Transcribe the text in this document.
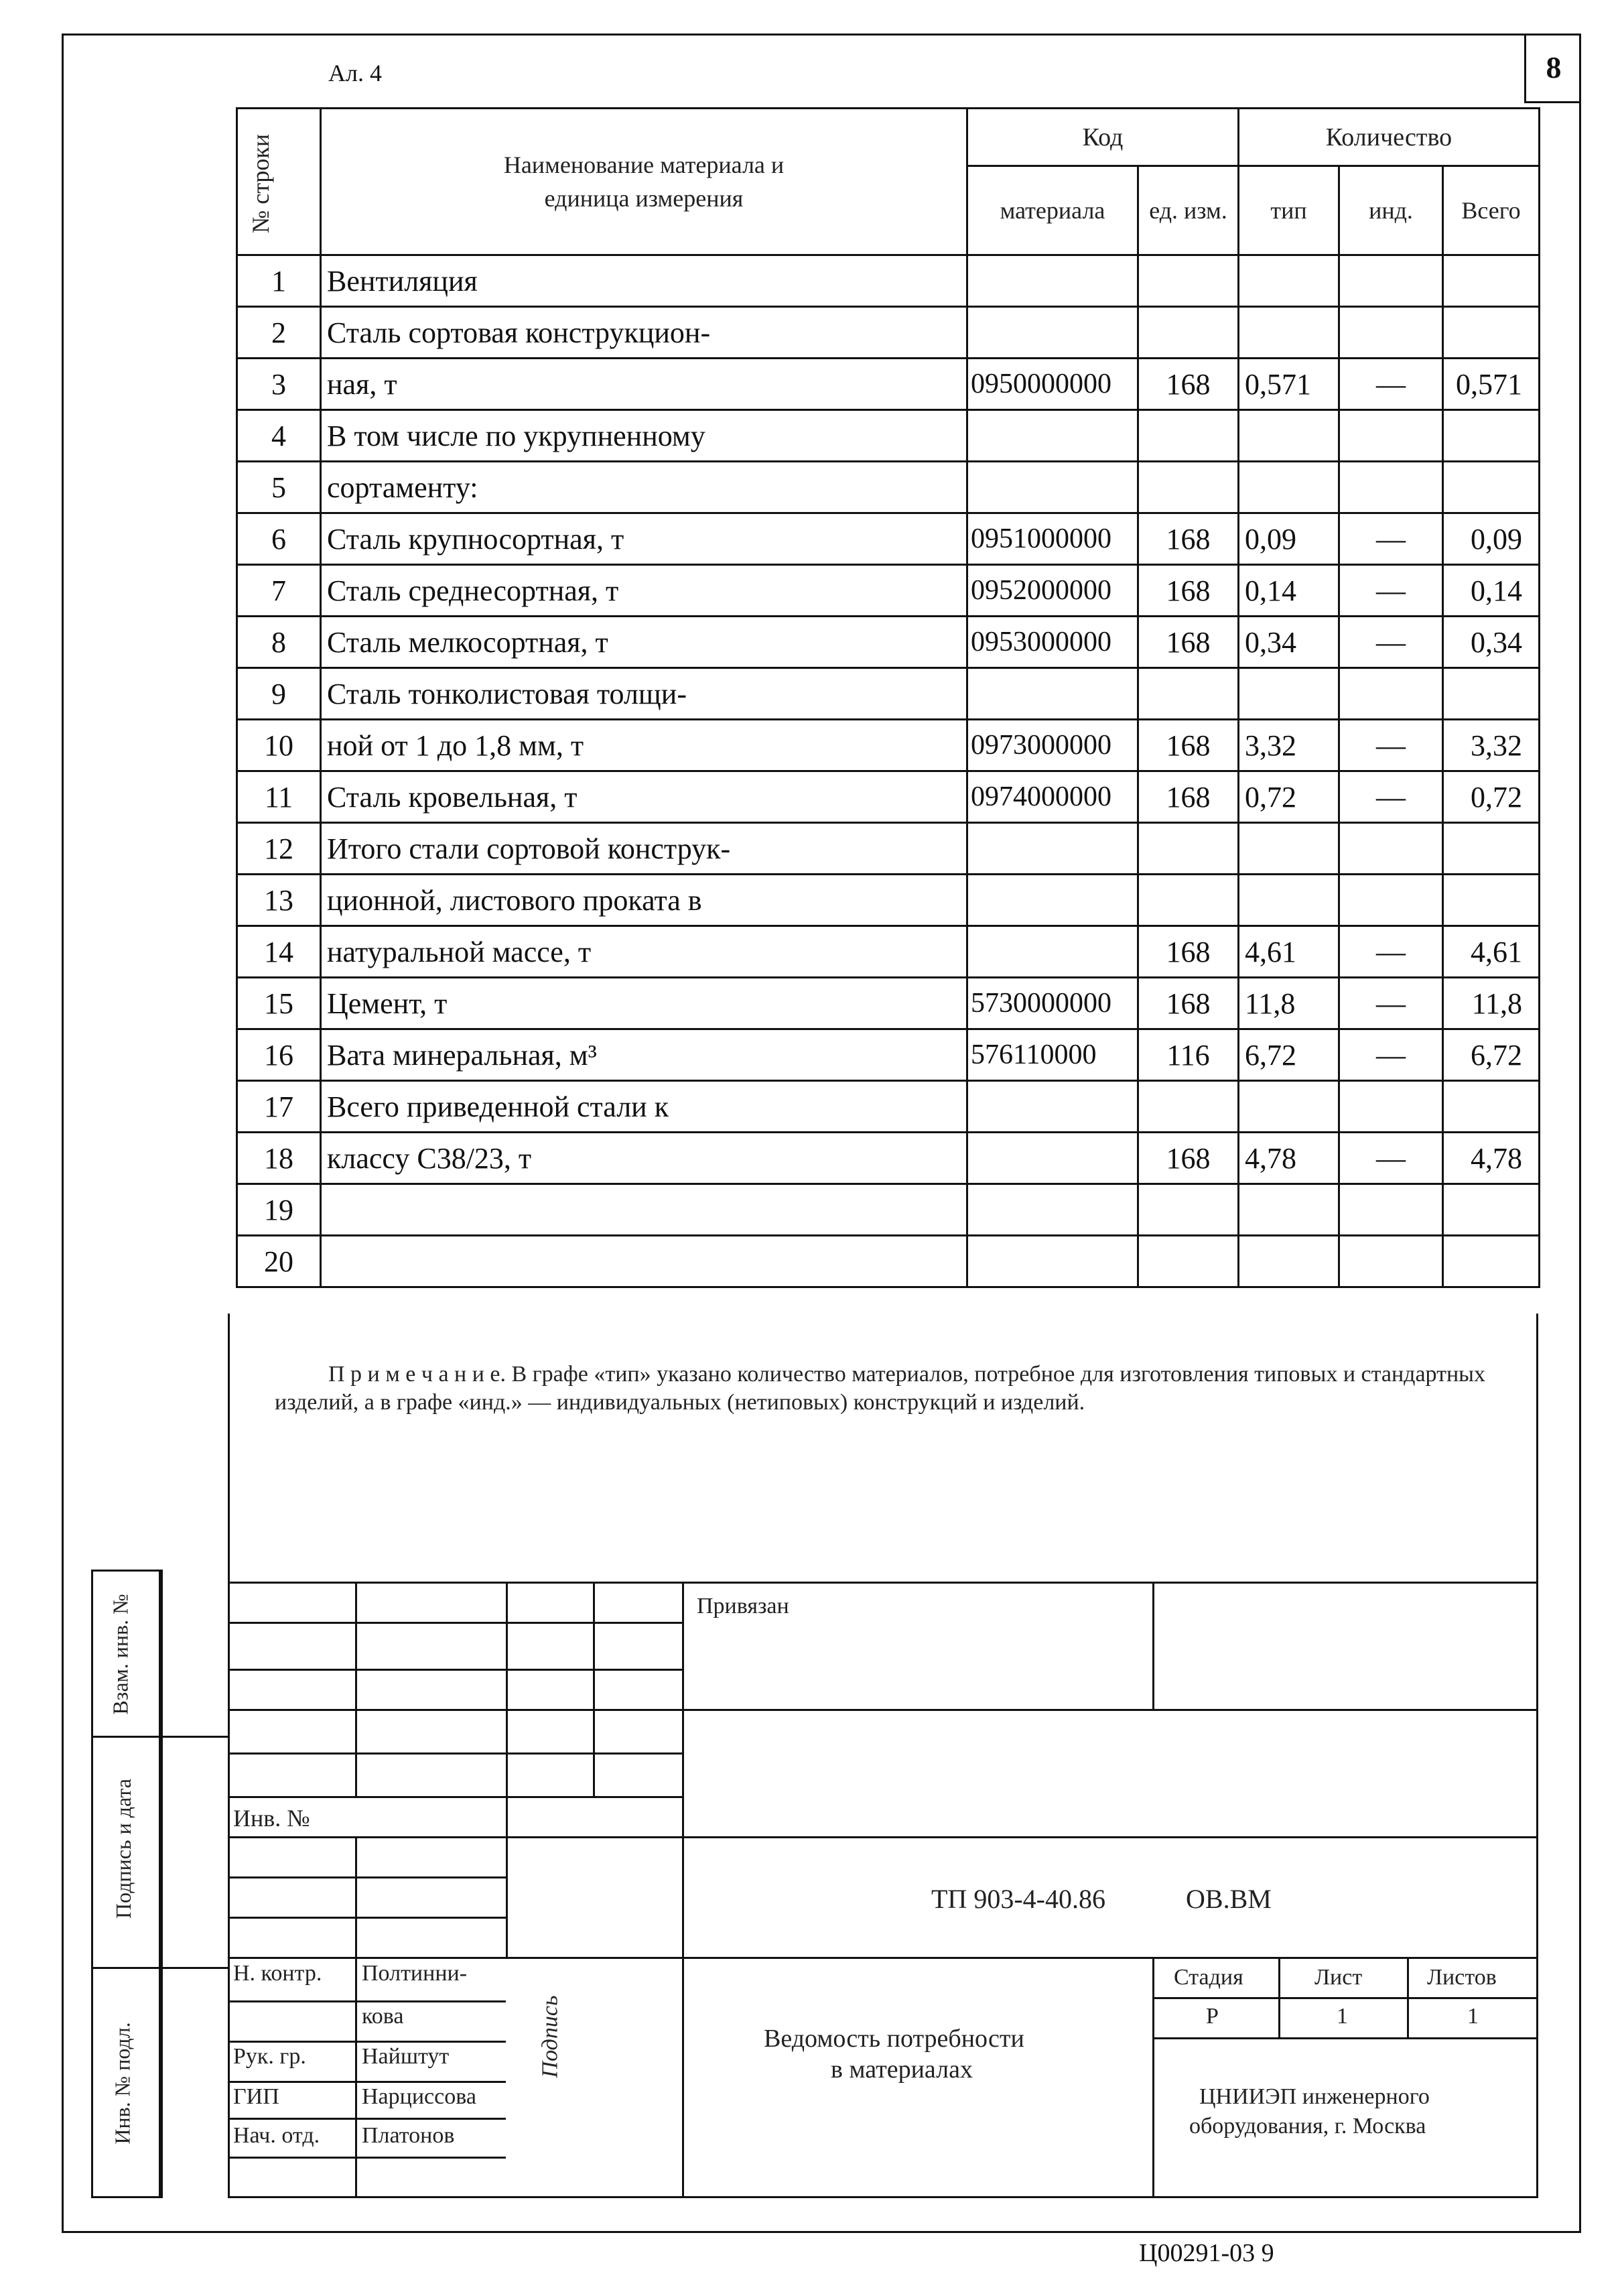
8
Ал. 4
№ строки	Наименование материала и единица измерения	Код		Количество		
		материала	ед. изм.	тип	инд.	Всего
1	Вентиляция					
2	Сталь сортовая конструкцион-					
3	ная, т	0950000000	168	0,571	—	0,571
4	В том числе по укрупненному					
5	сортаменту:					
6	Сталь крупносортная, т	0951000000	168	0,09	—	0,09
7	Сталь среднесортная, т	0952000000	168	0,14	—	0,14
8	Сталь мелкосортная, т	0953000000	168	0,34	—	0,34
9	Сталь тонколистовая толщи-					
10	ной от 1 до 1,8 мм, т	0973000000	168	3,32	—	3,32
11	Сталь кровельная, т	0974000000	168	0,72	—	0,72
12	Итого стали сортовой конструк-					
13	ционной, листового проката в					
14	натуральной массе, т		168	4,61	—	4,61
15	Цемент, т	5730000000	168	11,8	—	11,8
16	Вата минеральная, м³	576110000	116	6,72	—	6,72
17	Всего приведенной стали к					
18	классу С38/23, т		168	4,78	—	4,78
19						
20						
П р и м е ч а н и е. В графе «тип» указано количество материалов, потребное для изготовления типовых и стандартных изделий, а в графе «инд.» — индивидуальных (нетиповых) конструкций и изделий.
Взам. инв. №
Подпись и дата
Инв. № подл.
Привязан
Инв. №
ТП 903-4-40.86	ОВ.ВМ
Подпись	Ведомость потребности
в материалах
Стадия	Лист	Листов
Р	1	1
ЦНИИЭП инженерного
оборудования, г. Москва
Н. контр. Полтинни-
кова
Рук. гр. Найштут
ГИП	Нарциссова
Нач. отд. Платонов
Ц00291-03 9
